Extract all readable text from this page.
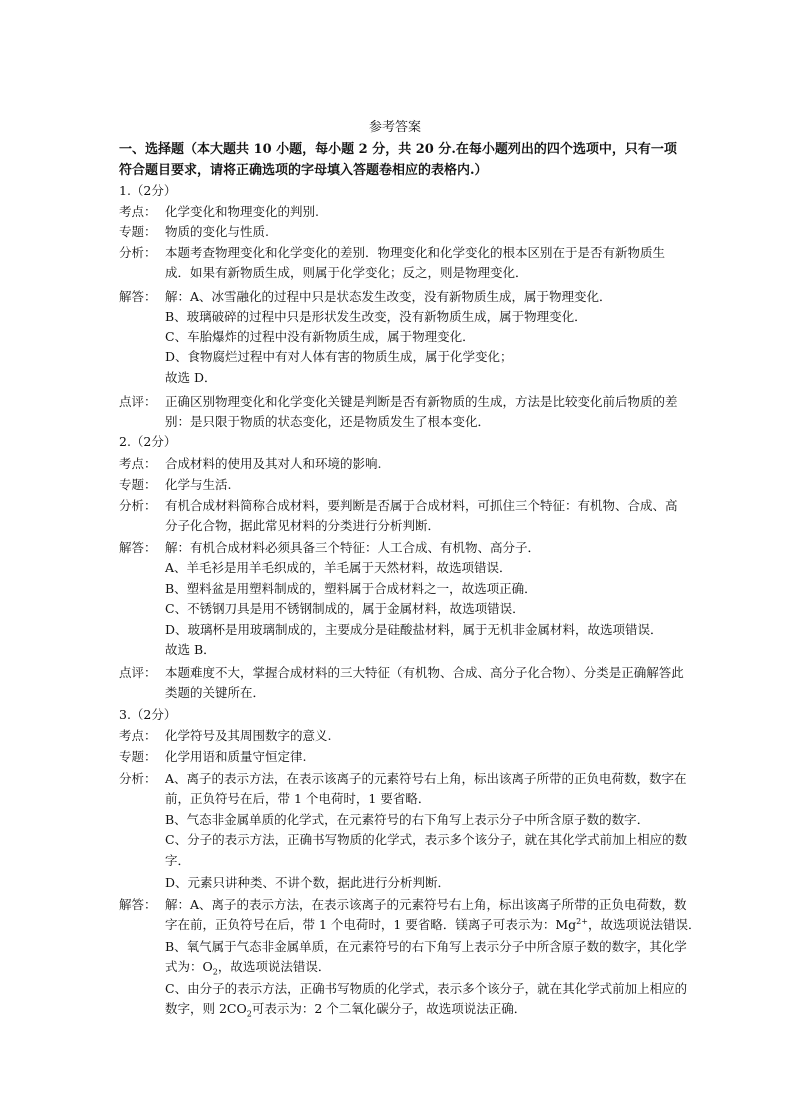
参考答案
一、选择题（本大题共 10 小题，每小题 2 分，共 20 分.在每小题列出的四个选项中，只有一项符合题目要求，请将正确选项的字母填入答题卷相应的表格内.）
1.（2分）
考点： 化学变化和物理变化的判别.
专题： 物质的变化与性质.
分析： 本题考查物理变化和化学变化的差别．物理变化和化学变化的根本区别在于是否有新物质生
成．如果有新物质生成，则属于化学变化；反之，则是物理变化．
解答： 解：A、冰雪融化的过程中只是状态发生改变，没有新物质生成，属于物理变化．
B、玻璃破碎的过程中只是形状发生改变，没有新物质生成，属于物理变化．
C、车胎爆炸的过程中没有新物质生成，属于物理变化．
D、食物腐烂过程中有对人体有害的物质生成，属于化学变化；
故选 D．
点评： 正确区别物理变化和化学变化关键是判断是否有新物质的生成，方法是比较变化前后物质的差
别：是只限于物质的状态变化，还是物质发生了根本变化．
2.（2分）
考点： 合成材料的使用及其对人和环境的影响.
专题： 化学与生活.
分析： 有机合成材料简称合成材料，要判断是否属于合成材料，可抓住三个特征：有机物、合成、高
分子化合物，据此常见材料的分类进行分析判断．
解答： 解：有机合成材料必须具备三个特征：人工合成、有机物、高分子．
A、羊毛衫是用羊毛织成的，羊毛属于天然材料，故选项错误．
B、塑料盆是用塑料制成的，塑料属于合成材料之一，故选项正确．
C、不锈钢刀具是用不锈钢制成的，属于金属材料，故选项错误．
D、玻璃杯是用玻璃制成的，主要成分是硅酸盐材料，属于无机非金属材料，故选项错误．
故选 B．
点评： 本题难度不大，掌握合成材料的三大特征（有机物、合成、高分子化合物）、分类是正确解答此
类题的关键所在．
3.（2分）
考点： 化学符号及其周围数字的意义.
专题： 化学用语和质量守恒定律.
分析： A、离子的表示方法，在表示该离子的元素符号右上角，标出该离子所带的正负电荷数，数字在
前，正负符号在后，带 1 个电荷时，1 要省略．
B、气态非金属单质的化学式，在元素符号的右下角写上表示分子中所含原子数的数字．
C、分子的表示方法，正确书写物质的化学式，表示多个该分子，就在其化学式前加上相应的数
字．
D、元素只讲种类、不讲个数，据此进行分析判断．
解答： 解：A、离子的表示方法，在表示该离子的元素符号右上角，标出该离子所带的正负电荷数，数
字在前，正负符号在后，带 1 个电荷时，1 要省略．镁离子可表示为：$Mg^{2+}$，故选项说法错误．
B、氧气属于气态非金属单质，在元素符号的右下角写上表示分子中所含原子数的数字，其化学
式为：$O_2$，故选项说法错误．
C、由分子的表示方法，正确书写物质的化学式，表示多个该分子，就在其化学式前加上相应的
数字，则 $2CO_2$可表示为：2 个二氧化碳分子，故选项说法正确．
